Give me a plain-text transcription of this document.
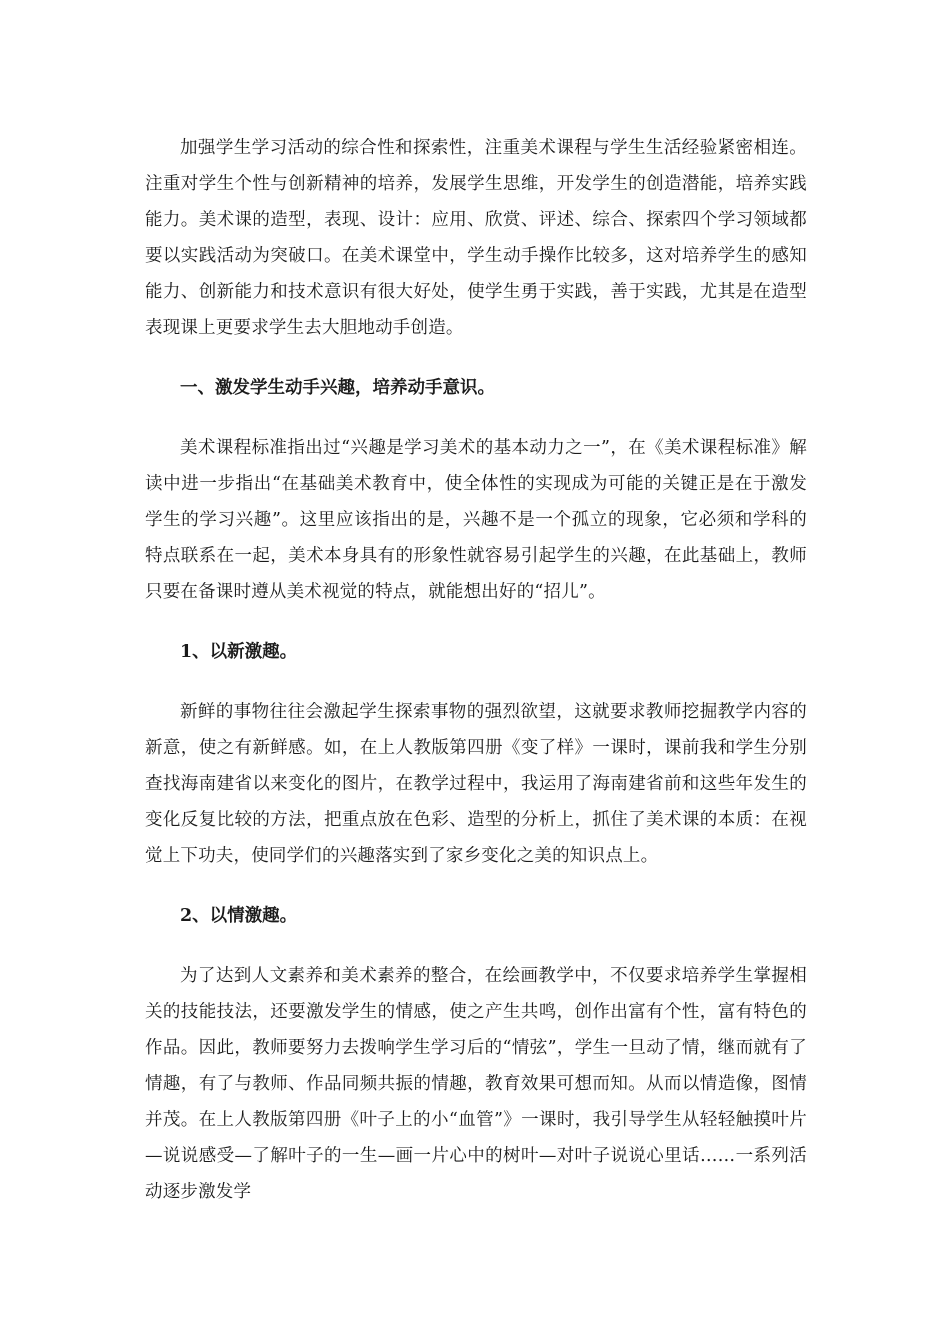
加强学生学习活动的综合性和探索性，注重美术课程与学生生活经验紧密相连。注重对学生个性与创新精神的培养，发展学生思维，开发学生的创造潜能，培养实践能力。美术课的造型，表现、设计：应用、欣赏、评述、综合、探索四个学习领域都要以实践活动为突破口。在美术课堂中，学生动手操作比较多，这对培养学生的感知能力、创新能力和技术意识有很大好处，使学生勇于实践，善于实践，尤其是在造型表现课上更要求学生去大胆地动手创造。

一、激发学生动手兴趣，培养动手意识。

美术课程标准指出过“兴趣是学习美术的基本动力之一”，在《美术课程标准》解读中进一步指出“在基础美术教育中，使全体性的实现成为可能的关键正是在于激发学生的学习兴趣”。这里应该指出的是，兴趣不是一个孤立的现象，它必须和学科的特点联系在一起，美术本身具有的形象性就容易引起学生的兴趣，在此基础上，教师只要在备课时遵从美术视觉的特点，就能想出好的“招儿”。

1、以新激趣。

新鲜的事物往往会激起学生探索事物的强烈欲望，这就要求教师挖掘教学内容的新意，使之有新鲜感。如，在上人教版第四册《变了样》一课时，课前我和学生分别查找海南建省以来变化的图片，在教学过程中，我运用了海南建省前和这些年发生的变化反复比较的方法，把重点放在色彩、造型的分析上，抓住了美术课的本质：在视觉上下功夫，使同学们的兴趣落实到了家乡变化之美的知识点上。

2、以情激趣。

为了达到人文素养和美术素养的整合，在绘画教学中，不仅要求培养学生掌握相关的技能技法，还要激发学生的情感，使之产生共鸣，创作出富有个性，富有特色的作品。因此，教师要努力去拨响学生学习后的“情弦”，学生一旦动了情，继而就有了情趣，有了与教师、作品同频共振的情趣，教育效果可想而知。从而以情造像，图情并茂。在上人教版第四册《叶子上的小“血管”》一课时，我引导学生从轻轻触摸叶片—说说感受—了解叶子的一生—画一片心中的树叶—对叶子说说心里话……一系列活动逐步激发学
